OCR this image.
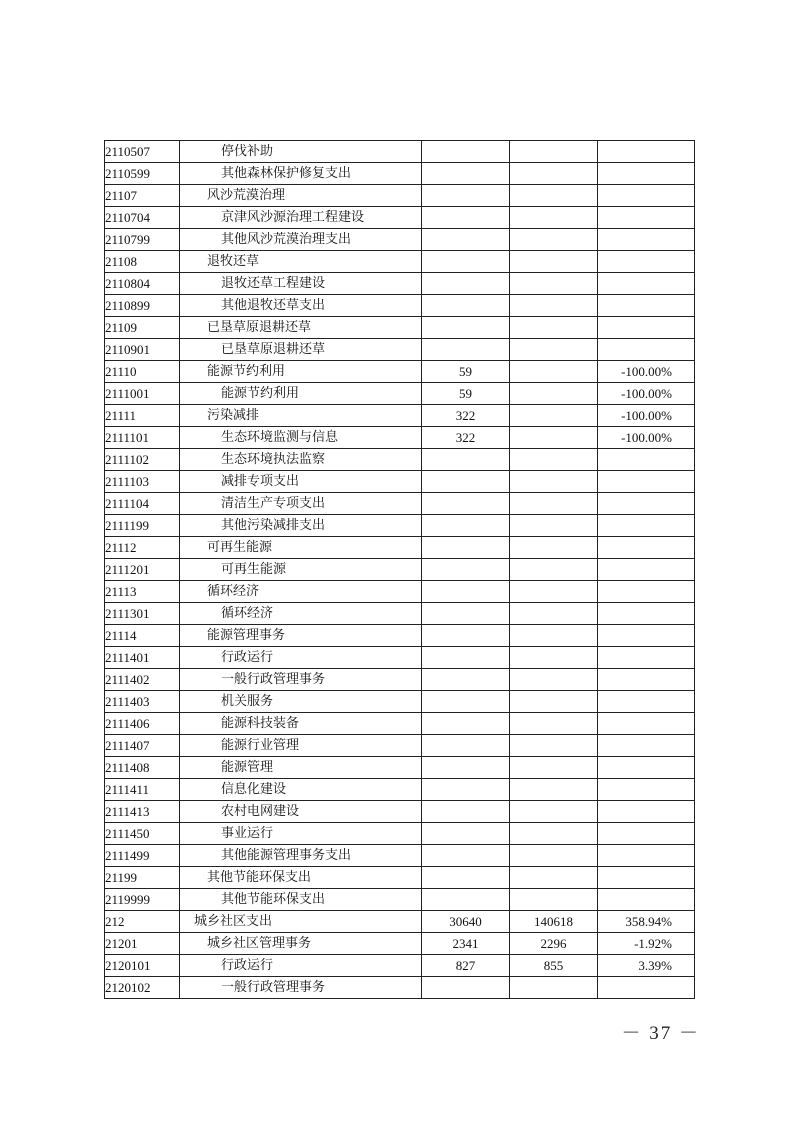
2110507	停伐补助			
2110599	其他森林保护修复支出			
21107	风沙荒漠治理			
2110704	京津风沙源治理工程建设			
2110799	其他风沙荒漠治理支出			
21108	退牧还草			
2110804	退牧还草工程建设			
2110899	其他退牧还草支出			
21109	已垦草原退耕还草			
2110901	已垦草原退耕还草			
21110	能源节约利用	59		-100.00%
2111001	能源节约利用	59		-100.00%
21111	污染减排	322		-100.00%
2111101	生态环境监测与信息	322		-100.00%
2111102	生态环境执法监察			
2111103	减排专项支出			
2111104	清洁生产专项支出			
2111199	其他污染减排支出			
21112	可再生能源			
2111201	可再生能源			
21113	循环经济			
2111301	循环经济			
21114	能源管理事务			
2111401	行政运行			
2111402	一般行政管理事务			
2111403	机关服务			
2111406	能源科技装备			
2111407	能源行业管理			
2111408	能源管理			
2111411	信息化建设			
2111413	农村电网建设			
2111450	事业运行			
2111499	其他能源管理事务支出			
21199	其他节能环保支出			
2119999	其他节能环保支出			
212	城乡社区支出	30640	140618	358.94%
21201	城乡社区管理事务	2341	2296	-1.92%
2120101	行政运行	827	855	3.39%
2120102	一般行政管理事务			
－ 37 －
